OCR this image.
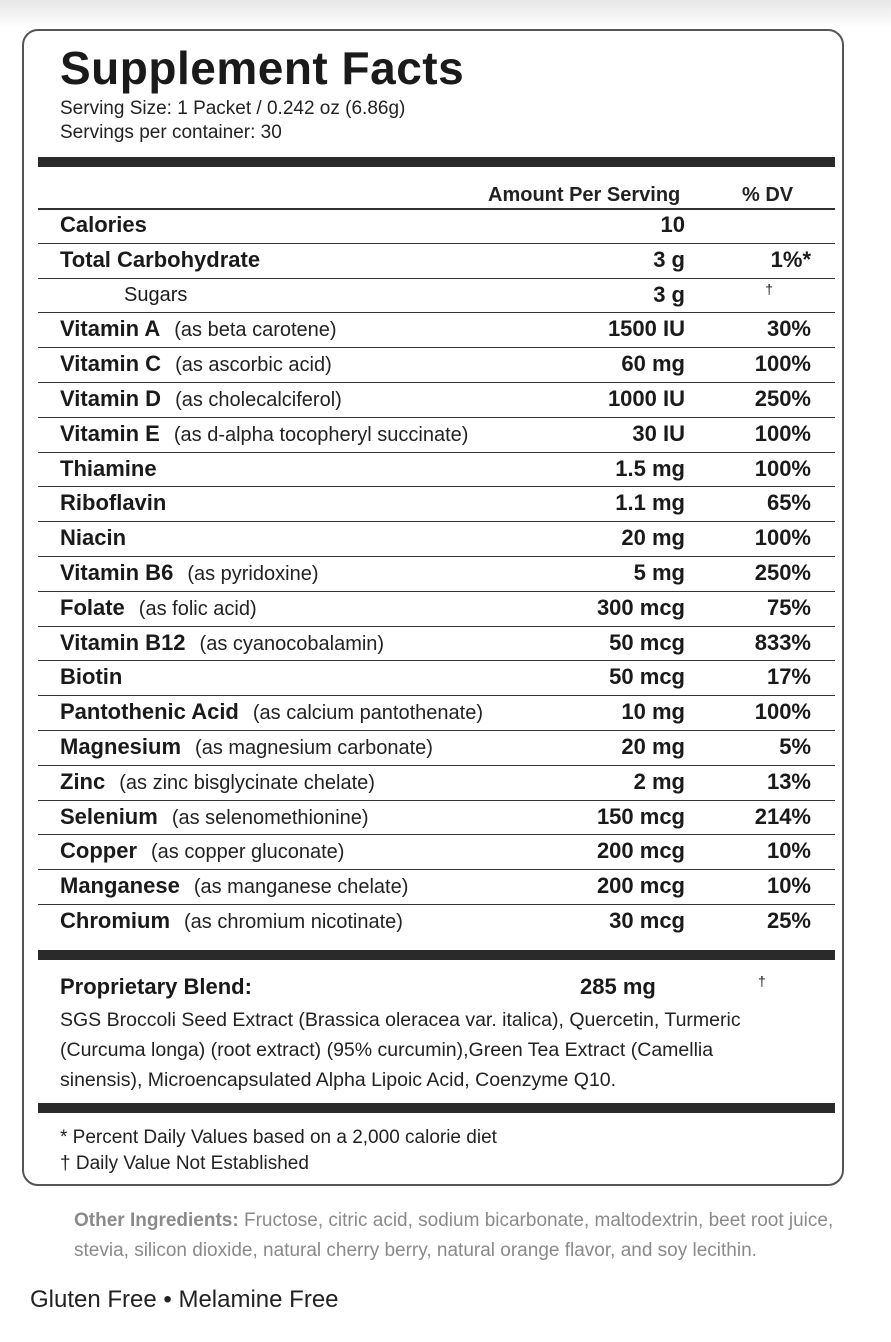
Supplement Facts
Serving Size: 1 Packet / 0.242 oz (6.86g)
Servings per container: 30
Amount Per Serving	% DV
Calories	10
Total Carbohydrate	3 g	1%*
Sugars	3 g	†
Vitamin A (as beta carotene)	1500 IU	30%
Vitamin C (as ascorbic acid)	60 mg	100%
Vitamin D (as cholecalciferol)	1000 IU	250%
Vitamin E (as d-alpha tocopheryl succinate)	30 IU	100%
Thiamine	1.5 mg	100%
Riboflavin	1.1 mg	65%
Niacin	20 mg	100%
Vitamin B6 (as pyridoxine)	5 mg	250%
Folate (as folic acid)	300 mcg	75%
Vitamin B12 (as cyanocobalamin)	50 mcg	833%
Biotin	50 mcg	17%
Pantothenic Acid (as calcium pantothenate)	10 mg	100%
Magnesium (as magnesium carbonate)	20 mg	5%
Zinc (as zinc bisglycinate chelate)	2 mg	13%
Selenium (as selenomethionine)	150 mcg	214%
Copper (as copper gluconate)	200 mcg	10%
Manganese (as manganese chelate)	200 mcg	10%
Chromium (as chromium nicotinate)	30 mcg	25%
Proprietary Blend:	285 mg	†
SGS Broccoli Seed Extract (Brassica oleracea var. italica), Quercetin, Turmeric (Curcuma longa) (root extract) (95% curcumin),Green Tea Extract (Camellia sinensis), Microencapsulated Alpha Lipoic Acid, Coenzyme Q10.
* Percent Daily Values based on a 2,000 calorie diet
† Daily Value Not Established
Other Ingredients: Fructose, citric acid, sodium bicarbonate, maltodextrin, beet root juice, stevia, silicon dioxide, natural cherry berry, natural orange flavor, and soy lecithin.
Gluten Free • Melamine Free
